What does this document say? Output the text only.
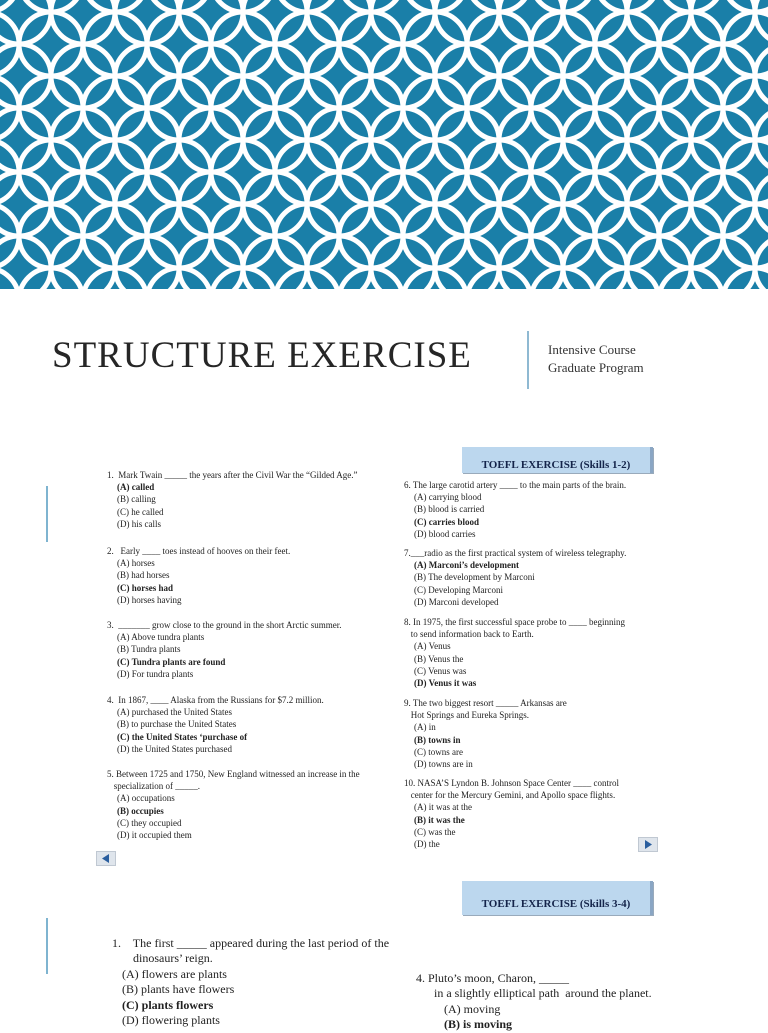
STRUCTURE EXERCISE	Intensive Course
Graduate Program
TOEFL EXERCISE (Skills 1-2)
1.  Mark Twain _____ the years after the Civil War the “Gilded Age.”
(A) called
(B) calling
(C) he called
(D) his calls
2.   Early ____ toes instead of hooves on their feet.
(A) horses
(B) had horses
(C) horses had
(D) horses having
3.  _______ grow close to the ground in the short Arctic summer.
(A) Above tundra plants
(B) Tundra plants
(C) Tundra plants are found
(D) For tundra plants
4.  In 1867, ____ Alaska from the Russians for $7.2 million.
(A) purchased the United States
(B) to purchase the United States
(C) the United States ‘purchase of
(D) the United States purchased
5. Between 1725 and 1750, New England witnessed an increase in the
specialization of _____.
(A) occupations
(B) occupies
(C) they occupied
(D) it occupied them
6. The large carotid artery ____ to the main parts of the brain.
(A) carrying blood
(B) blood is carried
(C) carries blood
(D) blood carries
7.___radio as the first practical system of wireless telegraphy.
(A) Marconi’s development
(B) The development by Marconi
(C) Developing Marconi
(D) Marconi developed
8. In 1975, the first successful space probe to ____ beginning
to send information back to Earth.
(A) Venus
(B) Venus the
(C) Venus was
(D) Venus it was
9. The two biggest resort _____ Arkansas are
Hot Springs and Eureka Springs.
(A) in
(B) towns in
(C) towns are
(D) towns are in
10. NASA’S Lyndon B. Johnson Space Center ____ control
center for the Mercury Gemini, and Apollo space flights.
(A) it was at the
(B) it was the
(C) was the
(D) the
TOEFL EXERCISE (Skills 3-4)
1.    The first _____ appeared during the last period of the
dinosaurs’ reign.
(A) flowers are plants
(B) plants have flowers
(C) plants flowers
(D) flowering plants
4. Pluto’s moon, Charon, _____
in a slightly elliptical path  around the planet.
(A) moving
(B) is moving
